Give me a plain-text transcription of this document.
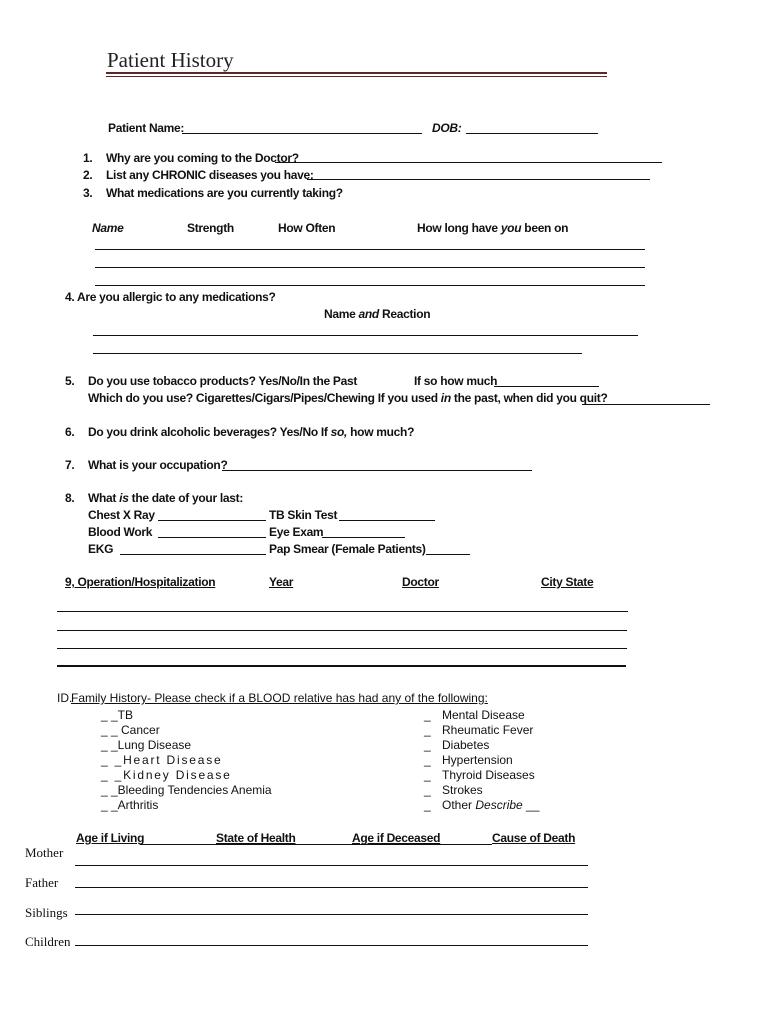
Patient History
Patient Name:	DOB:
1. Why are you coming to the Doctor?
2. List any CHRONIC diseases you have:
3. What medications are you currently taking?
Name	Strength	How Often	How long have you been on
4. Are you allergic to any medications?
Name and Reaction
5. Do you use tobacco products? Yes/No/In the Past	If so how much
Which do you use? Cigarettes/Cigars/Pipes/Chewing If you used in the past, when did you quit?
6. Do you drink alcoholic beverages? Yes/No If so, how much?
7. What is your occupation?
8. What is the date of your last:
Chest X Ray	TB Skin Test
Blood Work	Eye Exam
EKG	Pap Smear (Female Patients)
9, Operation/Hospitalization	Year	Doctor	City State
ID.
Family History- Please check if a BLOOD relative has had any of the following:
_ _TB
_ _ Cancer
_ _Lung Disease
_ _Heart Disease
_ _Kidney Disease
_ _Bleeding Tendencies Anemia
_ _Arthritis
_ Mental Disease
_ Rheumatic Fever
_ Diabetes
_ Hypertension
_ Thyroid Diseases
_ Strokes
_ Other Describe __
Age if Living	State of Health	Age if Deceased	Cause of Death
Mother
Father
Siblings
Children
